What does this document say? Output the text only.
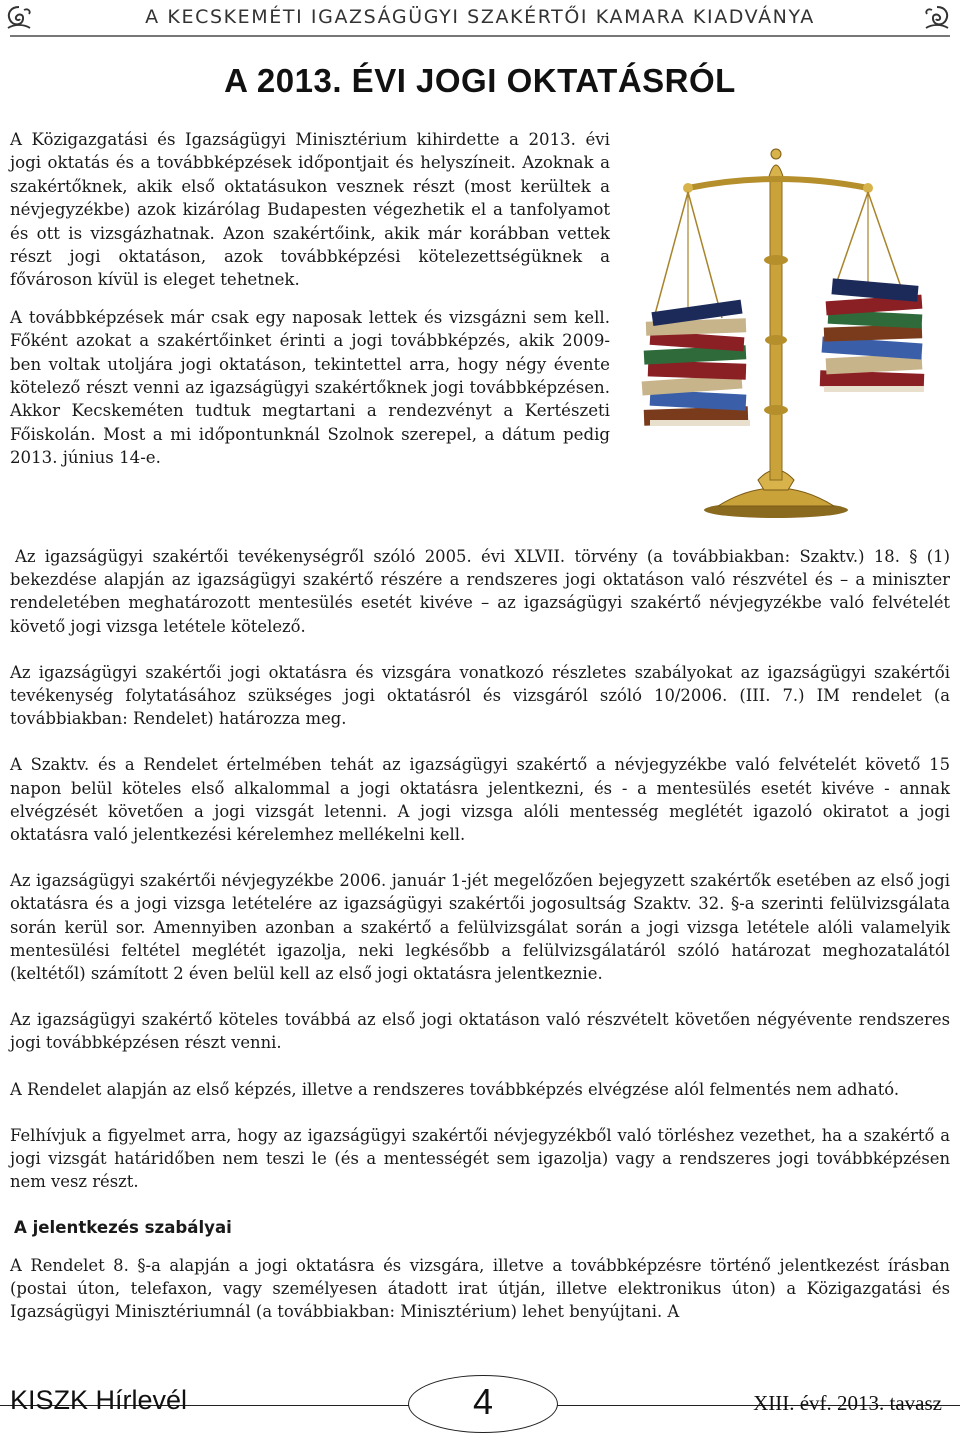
A KECSKEMÉTI IGAZSÁGÜGYI SZAKÉRTŐI KAMARA KIADVÁNYA
A 2013. ÉVI JOGI OKTATÁSRÓL

A Közigazgatási és Igazságügyi Minisztérium kihirdette a 2013. évi jogi oktatás és a továbbképzések időpontjait és helyszíneit. Azoknak a szakértőknek, akik első oktatásukon vesznek részt (most kerültek a névjegyzékbe) azok kizárólag Budapesten végezhetik el a tanfolyamot és ott is vizsgázhatnak. Azon szakértőink, akik már korábban vettek részt jogi oktatáson, azok továbbképzési kötelezettségüknek a fővároson kívül is eleget tehetnek.

A továbbképzések már csak egy naposak lettek és vizsgázni sem kell. Főként azokat a szakértőinket érinti a jogi továbbképzés, akik 2009-ben voltak utoljára jogi oktatáson, tekintettel arra, hogy négy évente kötelező részt venni az igazságügyi szakértőknek jogi továbbképzésen. Akkor Kecskeméten tudtuk megtartani a rendezvényt a Kertészeti Főiskolán. Most a mi időpontunknál Szolnok szerepel, a dátum pedig 2013. június 14-e.

Az igazságügyi szakértői tevékenységről szóló 2005. évi XLVII. törvény (a továbbiakban: Szaktv.) 18. § (1) bekezdése alapján az igazságügyi szakértő részére a rendszeres jogi oktatáson való részvétel és – a miniszter rendeletében meghatározott mentesülés esetét kivéve – az igazságügyi szakértő névjegyzékbe való felvételét követő jogi vizsga letétele kötelező.

Az igazságügyi szakértői jogi oktatásra és vizsgára vonatkozó részletes szabályokat az igazságügyi szakértői tevékenység folytatásához szükséges jogi oktatásról és vizsgáról szóló 10/2006. (III. 7.) IM rendelet (a továbbiakban: Rendelet) határozza meg.

A Szaktv. és a Rendelet értelmében tehát az igazságügyi szakértő a névjegyzékbe való felvételét követő 15 napon belül köteles első alkalommal a jogi oktatásra jelentkezni, és - a mentesülés esetét kivéve - annak elvégzését követően a jogi vizsgát letenni. A jogi vizsga alóli mentesség meglétét igazoló okiratot a jogi oktatásra való jelentkezési kérelemhez mellékelni kell.

Az igazságügyi szakértői névjegyzékbe 2006. január 1-jét megelőzően bejegyzett szakértők esetében az első jogi oktatásra és a jogi vizsga letételére az igazságügyi szakértői jogosultság Szaktv. 32. §-a szerinti felülvizsgálata során kerül sor. Amennyiben azonban a szakértő a felülvizsgálat során a jogi vizsga letétele alóli valamelyik mentesülési feltétel meglétét igazolja, neki legkésőbb a felülvizsgálatáról szóló határozat meghozatalától (keltétől) számított 2 éven belül kell az első jogi oktatásra jelentkeznie.

Az igazságügyi szakértő köteles továbbá az első jogi oktatáson való részvételt követően négyévente rendszeres jogi továbbképzésen részt venni.

A Rendelet alapján az első képzés, illetve a rendszeres továbbképzés elvégzése alól felmentés nem adható.

Felhívjuk a figyelmet arra, hogy az igazságügyi szakértői névjegyzékből való törléshez vezethet, ha a szakértő a jogi vizsgát határidőben nem teszi le (és a mentességét sem igazolja) vagy a rendszeres jogi továbbképzésen nem vesz részt.

A jelentkezés szabályai

A Rendelet 8. §-a alapján a jogi oktatásra és vizsgára, illetve a továbbképzésre történő jelentkezést írásban (postai úton, telefaxon, vagy személyesen átadott irat útján, illetve elektronikus úton) a Közigazgatási és Igazságügyi Minisztériumnál (a továbbiakban: Minisztérium) lehet benyújtani. A

4
KISZK Hírlevél	XIII. évf. 2013. tavasz
